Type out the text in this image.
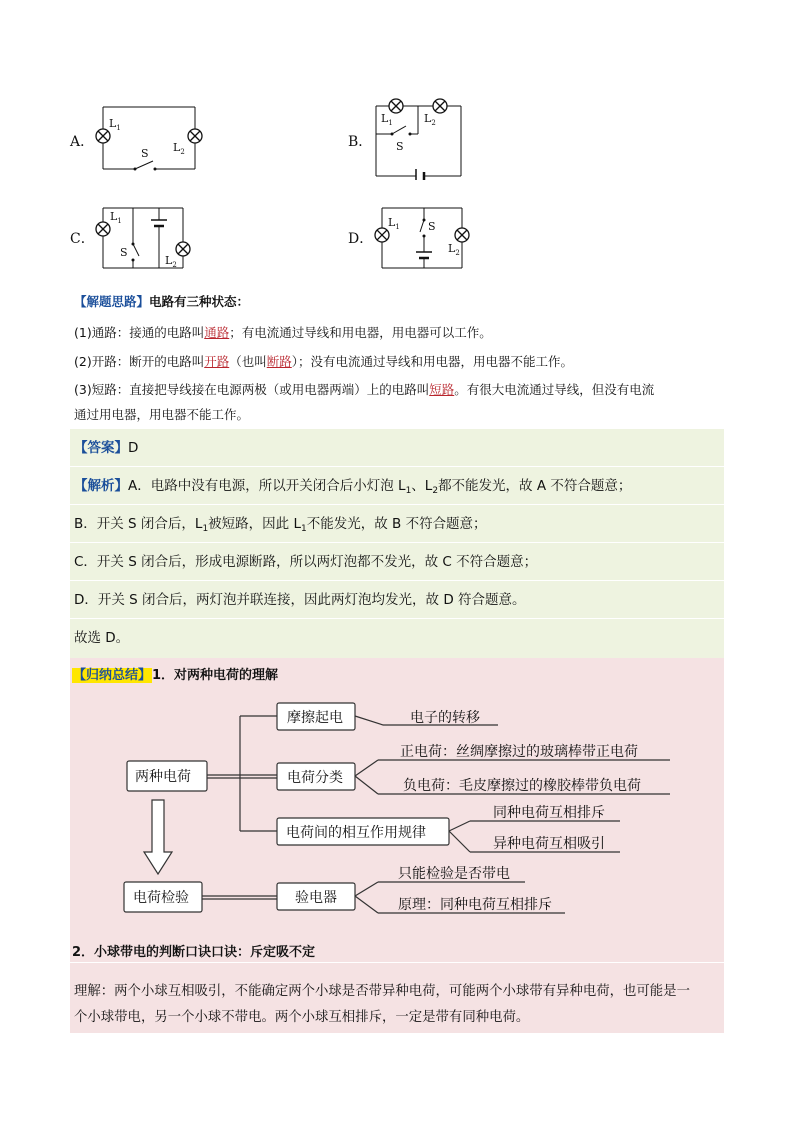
A．
$L_1$
$L_2$
S
B．
$L_1$	$L_2$
S
C．
$L_1$
$L_2$
S
D．
$L_1$
$L_2$
S
【解题思路】电路有三种状态：
(1)通路：接通的电路叫通路；有电流通过导线和用电器，用电器可以工作。
(2)开路：断开的电路叫开路（也叫断路）；没有电流通过导线和用电器，用电器不能工作。
(3)短路：直接把导线接在电源两极（或用电器两端）上的电路叫短路。有很大电流通过导线，但没有电流
通过用电器，用电器不能工作。
【答案】D
【解析】A．电路中没有电源，所以开关闭合后小灯泡 $L_1$、$L_2$都不能发光，故 A 不符合题意；
B．开关 S 闭合后，$L_1$被短路，因此 $L_1$不能发光，故 B 不符合题意；
C．开关 S 闭合后，形成电源断路，所以两灯泡都不发光，故 C 不符合题意；
D．开关 S 闭合后，两灯泡并联连接，因此两灯泡均发光，故 D 符合题意。
故选 D。
【归纳总结】1．对两种电荷的理解
两种电荷
摩擦起电	电子的转移
电荷分类
正电荷：丝绸摩擦过的玻璃棒带正电荷
负电荷：毛皮摩擦过的橡胶棒带负电荷
电荷间的相互作用规律
同种电荷互相排斥
异种电荷互相吸引
电荷检验	验电器
只能检验是否带电
原理：同种电荷互相排斥
2．小球带电的判断口诀口诀：斥定吸不定
理解：两个小球互相吸引，不能确定两个小球是否带异种电荷，可能两个小球带有异种电荷，也可能是一
个小球带电，另一个小球不带电。两个小球互相排斥，一定是带有同种电荷。
